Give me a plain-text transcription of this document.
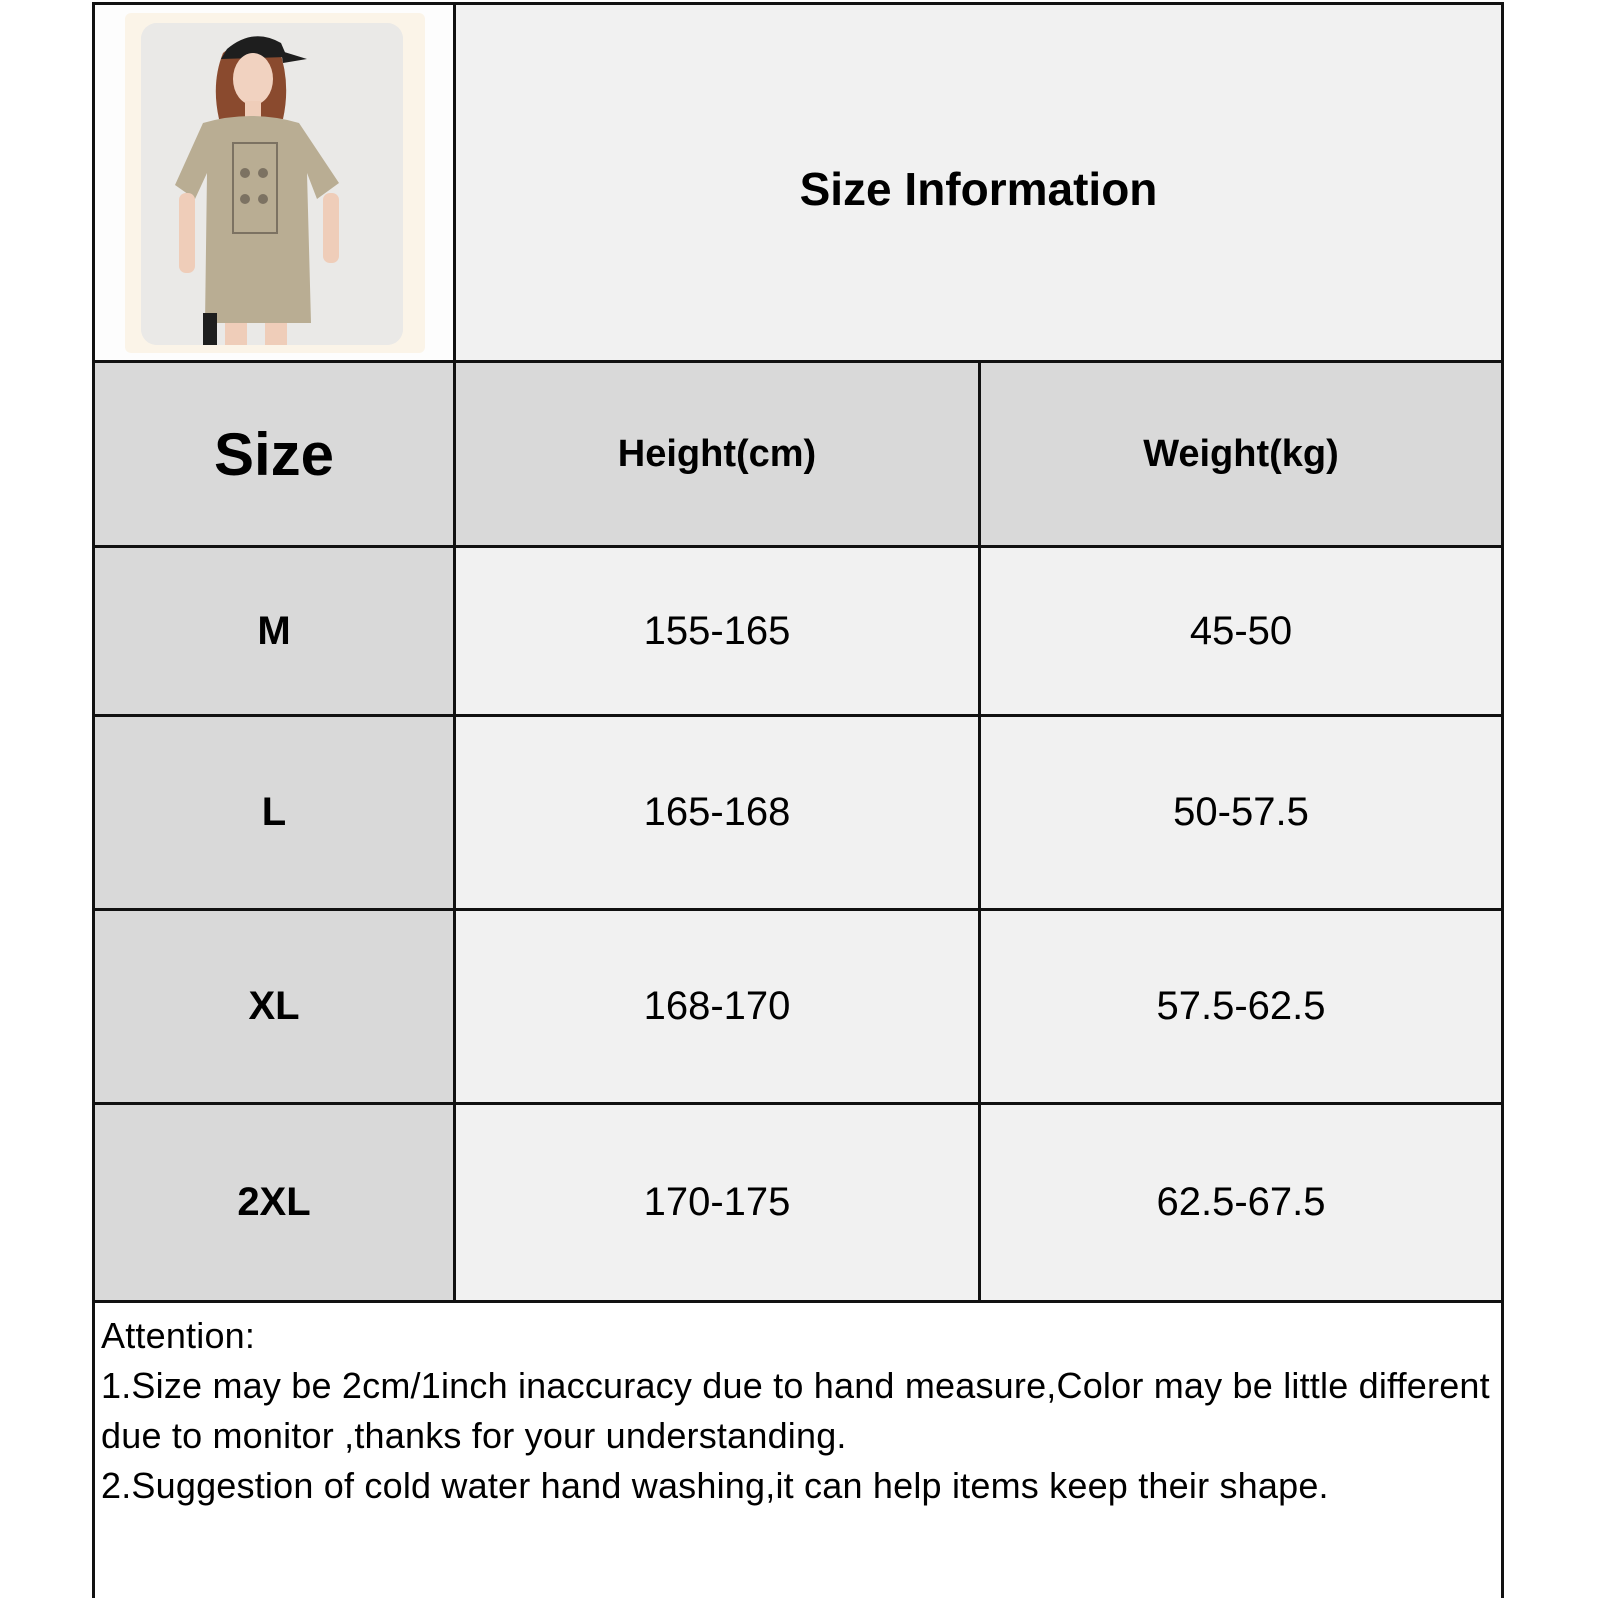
Size Information
Size	Height(cm)	Weight(kg)
M	155-165	45-50
L	165-168	50-57.5
XL	168-170	57.5-62.5
2XL	170-175	62.5-67.5
Attention:
1.Size may be 2cm/1inch inaccuracy due to hand measure,Color may be little different due to monitor ,thanks for your understanding.
2.Suggestion of cold water hand washing,it can help items keep their shape.
